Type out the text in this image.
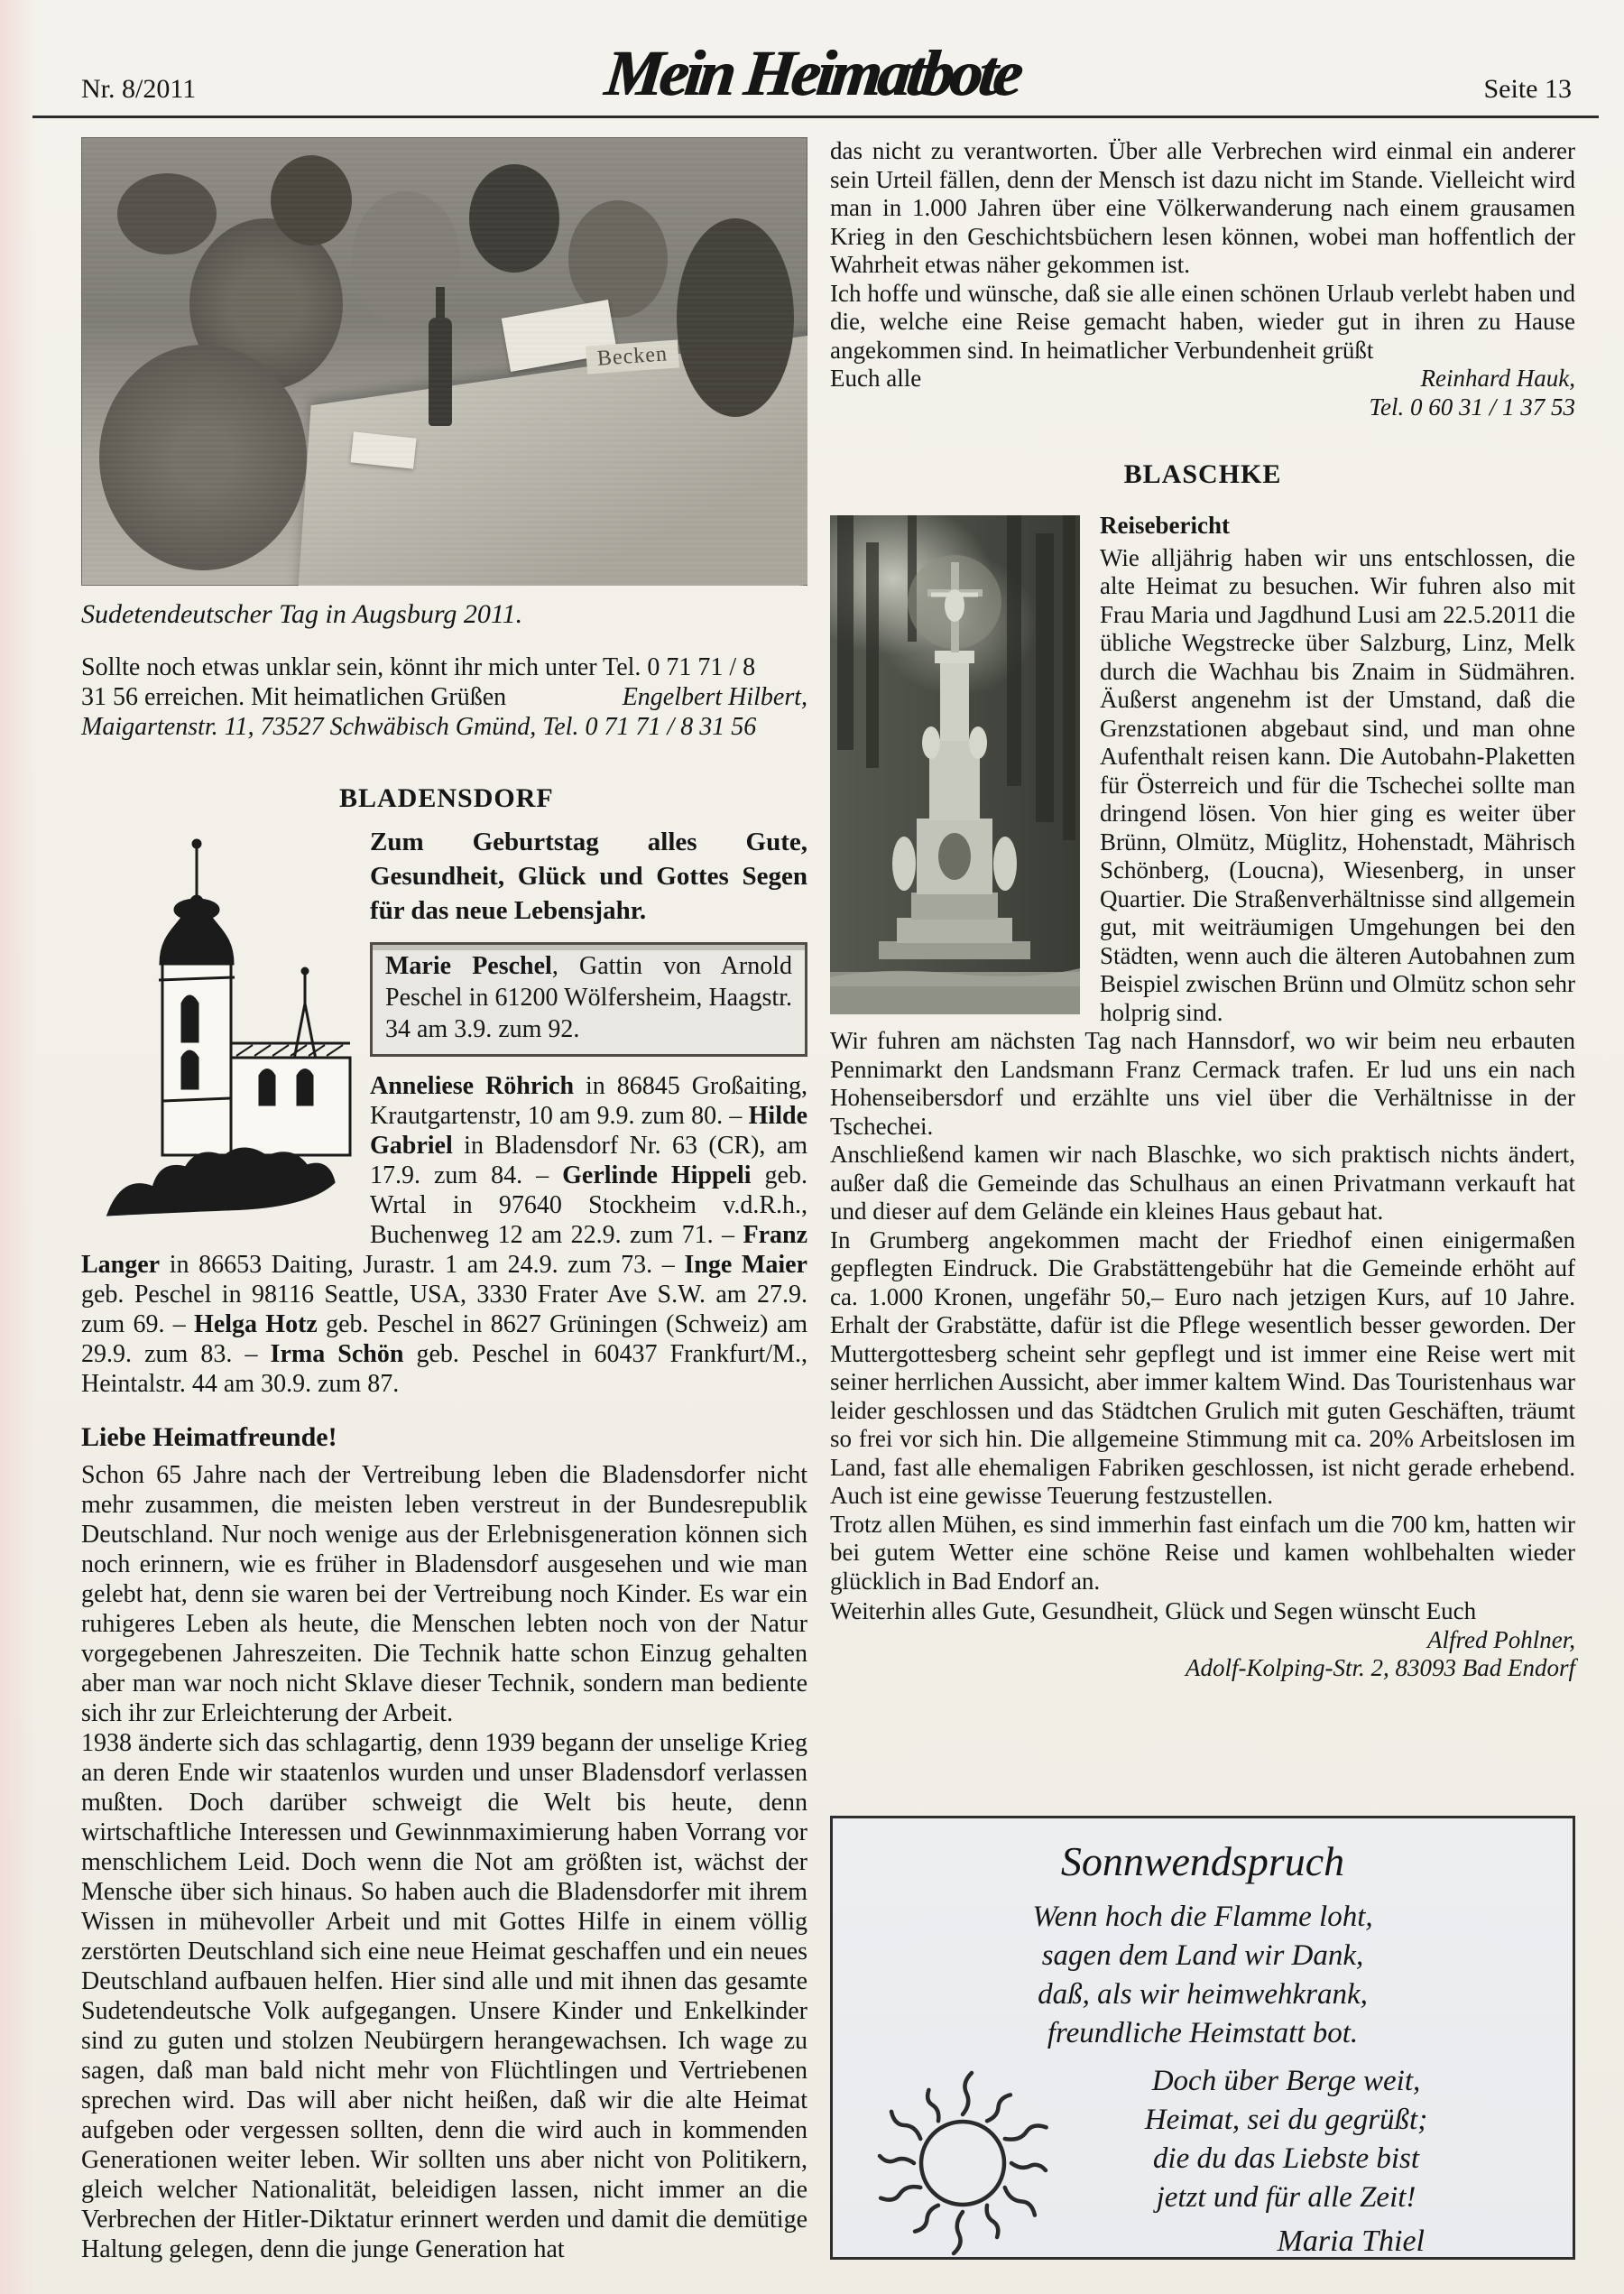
Nr. 8/2011	Mein Heimatbote	Seite 13
Becken
Sudetendeutscher Tag in Augsburg 2011.
Sollte noch etwas unklar sein, könnt ihr mich unter Tel. 0 71 71 / 8
31 56 erreichen. Mit heimatlichen Grüßen	Engelbert Hilbert,
Maigartenstr. 11, 73527 Schwäbisch Gmünd, Tel. 0 71 71 / 8 31 56
BLADENSDORF

Zum Geburtstag alles Gute, Gesundheit, Glück und Gottes Segen für das neue Lebensjahr.

Marie Peschel, Gattin von Arnold Peschel in 61200 Wölfersheim, Haagstr. 34 am 3.9. zum 92.

Anneliese Röhrich in 86845 Großaiting, Krautgartenstr, 10 am 9.9. zum 80. – Hilde Gabriel in Bladensdorf Nr. 63 (CR), am 17.9. zum 84. – Gerlinde Hippeli geb. Wrtal in 97640 Stockheim v.d.R.h., Buchenweg 12 am 22.9. zum 71. – Franz Langer in 86653 Daiting, Jurastr. 1 am 24.9. zum 73. – Inge Maier geb. Peschel in 98116 Seattle, USA, 3330 Frater Ave S.W. am 27.9. zum 69. – Helga Hotz geb. Peschel in 8627 Grüningen (Schweiz) am 29.9. zum 83. – Irma Schön geb. Peschel in 60437 Frankfurt/M., Heintalstr. 44 am 30.9. zum 87.

Liebe Heimatfreunde!

Schon 65 Jahre nach der Vertreibung leben die Bladensdorfer nicht mehr zusammen, die meisten leben verstreut in der Bundesrepublik Deutschland. Nur noch wenige aus der Erlebnisgeneration können sich noch erinnern, wie es früher in Bladensdorf ausgesehen und wie man gelebt hat, denn sie waren bei der Vertreibung noch Kinder. Es war ein ruhigeres Leben als heute, die Menschen lebten noch von der Natur vorgegebenen Jahreszeiten. Die Technik hatte schon Einzug gehalten aber man war noch nicht Sklave dieser Technik, sondern man bediente sich ihr zur Erleichterung der Arbeit.

1938 änderte sich das schlagartig, denn 1939 begann der unselige Krieg an deren Ende wir staatenlos wurden und unser Bladensdorf verlassen mußten. Doch darüber schweigt die Welt bis heute, denn wirtschaftliche Interessen und Gewinnmaximierung haben Vorrang vor menschlichem Leid. Doch wenn die Not am größten ist, wächst der Mensche über sich hinaus. So haben auch die Bladensdorfer mit ihrem Wissen in mühevoller Arbeit und mit Gottes Hilfe in einem völlig zerstörten Deutschland sich eine neue Heimat geschaffen und ein neues Deutschland aufbauen helfen. Hier sind alle und mit ihnen das gesamte Sudetendeutsche Volk aufgegangen. Unsere Kinder und Enkelkinder sind zu guten und stolzen Neubürgern herangewachsen. Ich wage zu sagen, daß man bald nicht mehr von Flüchtlingen und Vertriebenen sprechen wird. Das will aber nicht heißen, daß wir die alte Heimat aufgeben oder vergessen sollten, denn die wird auch in kommenden Generationen weiter leben. Wir sollten uns aber nicht von Politikern, gleich welcher Nationalität, beleidigen lassen, nicht immer an die Verbrechen der Hitler-Diktatur erinnert werden und damit die demütige Haltung gelegen, denn die junge Generation hat

das nicht zu verantworten. Über alle Verbrechen wird einmal ein anderer sein Urteil fällen, denn der Mensch ist dazu nicht im Stande. Vielleicht wird man in 1.000 Jahren über eine Völkerwanderung nach einem grausamen Krieg in den Geschichtsbüchern lesen können, wobei man hoffentlich der Wahrheit etwas näher gekommen ist.

Ich hoffe und wünsche, daß sie alle einen schönen Urlaub verlebt haben und die, welche eine Reise gemacht haben, wieder gut in ihren zu Hause angekommen sind. In heimatlicher Verbundenheit grüßt

Euch alle	Reinhard Hauk,

Tel. 0 60 31 / 1 37 53

BLASCHKE

Reisebericht

Wie alljährig haben wir uns entschlossen, die alte Heimat zu besuchen. Wir fuhren also mit Frau Maria und Jagdhund Lusi am 22.5.2011 die übliche Wegstrecke über Salzburg, Linz, Melk durch die Wachhau bis Znaim in Südmähren. Äußerst angenehm ist der Umstand, daß die Grenzstationen abgebaut sind, und man ohne Aufenthalt reisen kann. Die Autobahn-Plaketten für Österreich und für die Tschechei sollte man dringend lösen. Von hier ging es weiter über Brünn, Olmütz, Müglitz, Hohenstadt, Mährisch Schönberg, (Loucna), Wiesenberg, in unser Quartier. Die Straßenverhältnisse sind allgemein gut, mit weiträumigen Umgehungen bei den Städten, wenn auch die älteren Autobahnen zum Beispiel zwischen Brünn und Olmütz schon sehr holprig sind.

Wir fuhren am nächsten Tag nach Hannsdorf, wo wir beim neu erbauten Pennimarkt den Landsmann Franz Cermack trafen. Er lud uns ein nach Hohenseibersdorf und erzählte uns viel über die Verhältnisse in der Tschechei.

Anschließend kamen wir nach Blaschke, wo sich praktisch nichts ändert, außer daß die Gemeinde das Schulhaus an einen Privatmann verkauft hat und dieser auf dem Gelände ein kleines Haus gebaut hat.

In Grumberg angekommen macht der Friedhof einen einigermaßen gepflegten Eindruck. Die Grabstättengebühr hat die Gemeinde erhöht auf ca. 1.000 Kronen, ungefähr 50,– Euro nach jetzigen Kurs, auf 10 Jahre. Erhalt der Grabstätte, dafür ist die Pflege wesentlich besser geworden. Der Muttergottesberg scheint sehr gepflegt und ist immer eine Reise wert mit seiner herrlichen Aussicht, aber immer kaltem Wind. Das Touristenhaus war leider geschlossen und das Städtchen Grulich mit guten Geschäften, träumt so frei vor sich hin. Die allgemeine Stimmung mit ca. 20% Arbeitslosen im Land, fast alle ehemaligen Fabriken geschlossen, ist nicht gerade erhebend. Auch ist eine gewisse Teuerung festzustellen.

Trotz allen Mühen, es sind immerhin fast einfach um die 700 km, hatten wir bei gutem Wetter eine schöne Reise und kamen wohlbehalten wieder glücklich in Bad Endorf an.

Weiterhin alles Gute, Gesundheit, Glück und Segen wünscht Euch

Alfred Pohlner,

Adolf-Kolping-Str. 2, 83093 Bad Endorf

Sonnwendspruch
Wenn hoch die Flamme loht,
sagen dem Land wir Dank,
daß, als wir heimwehkrank,
freundliche Heimstatt bot.
Doch über Berge weit,
Heimat, sei du gegrüßt;
die du das Liebste bist
jetzt und für alle Zeit!
Maria Thiel
